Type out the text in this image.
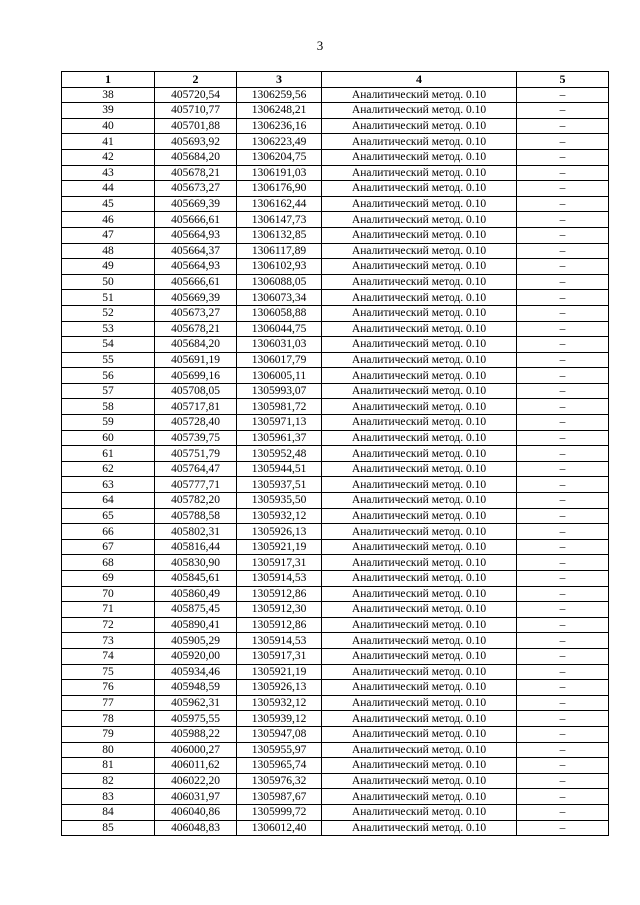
3
1	2	3	4	5
38	405720,54	1306259,56	Аналитический метод. 0.10	–
39	405710,77	1306248,21	Аналитический метод. 0.10	–
40	405701,88	1306236,16	Аналитический метод. 0.10	–
41	405693,92	1306223,49	Аналитический метод. 0.10	–
42	405684,20	1306204,75	Аналитический метод. 0.10	–
43	405678,21	1306191,03	Аналитический метод. 0.10	–
44	405673,27	1306176,90	Аналитический метод. 0.10	–
45	405669,39	1306162,44	Аналитический метод. 0.10	–
46	405666,61	1306147,73	Аналитический метод. 0.10	–
47	405664,93	1306132,85	Аналитический метод. 0.10	–
48	405664,37	1306117,89	Аналитический метод. 0.10	–
49	405664,93	1306102,93	Аналитический метод. 0.10	–
50	405666,61	1306088,05	Аналитический метод. 0.10	–
51	405669,39	1306073,34	Аналитический метод. 0.10	–
52	405673,27	1306058,88	Аналитический метод. 0.10	–
53	405678,21	1306044,75	Аналитический метод. 0.10	–
54	405684,20	1306031,03	Аналитический метод. 0.10	–
55	405691,19	1306017,79	Аналитический метод. 0.10	–
56	405699,16	1306005,11	Аналитический метод. 0.10	–
57	405708,05	1305993,07	Аналитический метод. 0.10	–
58	405717,81	1305981,72	Аналитический метод. 0.10	–
59	405728,40	1305971,13	Аналитический метод. 0.10	–
60	405739,75	1305961,37	Аналитический метод. 0.10	–
61	405751,79	1305952,48	Аналитический метод. 0.10	–
62	405764,47	1305944,51	Аналитический метод. 0.10	–
63	405777,71	1305937,51	Аналитический метод. 0.10	–
64	405782,20	1305935,50	Аналитический метод. 0.10	–
65	405788,58	1305932,12	Аналитический метод. 0.10	–
66	405802,31	1305926,13	Аналитический метод. 0.10	–
67	405816,44	1305921,19	Аналитический метод. 0.10	–
68	405830,90	1305917,31	Аналитический метод. 0.10	–
69	405845,61	1305914,53	Аналитический метод. 0.10	–
70	405860,49	1305912,86	Аналитический метод. 0.10	–
71	405875,45	1305912,30	Аналитический метод. 0.10	–
72	405890,41	1305912,86	Аналитический метод. 0.10	–
73	405905,29	1305914,53	Аналитический метод. 0.10	–
74	405920,00	1305917,31	Аналитический метод. 0.10	–
75	405934,46	1305921,19	Аналитический метод. 0.10	–
76	405948,59	1305926,13	Аналитический метод. 0.10	–
77	405962,31	1305932,12	Аналитический метод. 0.10	–
78	405975,55	1305939,12	Аналитический метод. 0.10	–
79	405988,22	1305947,08	Аналитический метод. 0.10	–
80	406000,27	1305955,97	Аналитический метод. 0.10	–
81	406011,62	1305965,74	Аналитический метод. 0.10	–
82	406022,20	1305976,32	Аналитический метод. 0.10	–
83	406031,97	1305987,67	Аналитический метод. 0.10	–
84	406040,86	1305999,72	Аналитический метод. 0.10	–
85	406048,83	1306012,40	Аналитический метод. 0.10	–
